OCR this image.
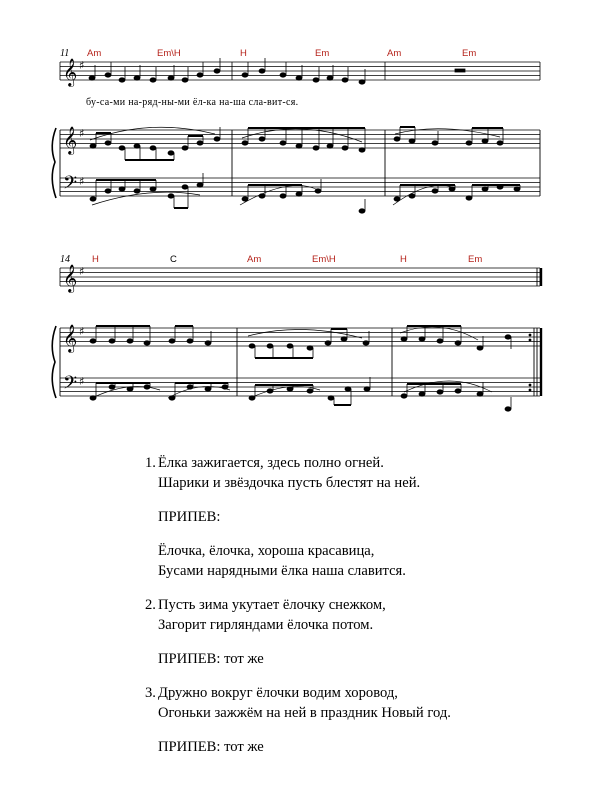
11 Am	Em\H	H	Em	Am	Em
𝄞 ♯
бу-са-ми на-ряд-ны-ми ёл-ка на-ша сла-вит-ся.
𝄞
𝄢
♯
♯
14 H	C	Am	Em\H	H	Em
𝄞 ♯
𝄞
𝄢
♯
♯
1. Ёлка зажигается, здесь полно огней.
Шарики и звёздочка пусть блестят на ней.
ПРИПЕВ:
Ёлочка, ёлочка, хороша красавица,
Бусами нарядными ёлка наша славится.
2. Пусть зима укутает ёлочку снежком,
Загорит гирляндами ёлочка потом.
ПРИПЕВ: тот же
3. Дружно вокруг ёлочки водим хоровод,
Огоньки зажжём на ней в праздник Новый год.
ПРИПЕВ: тот же
